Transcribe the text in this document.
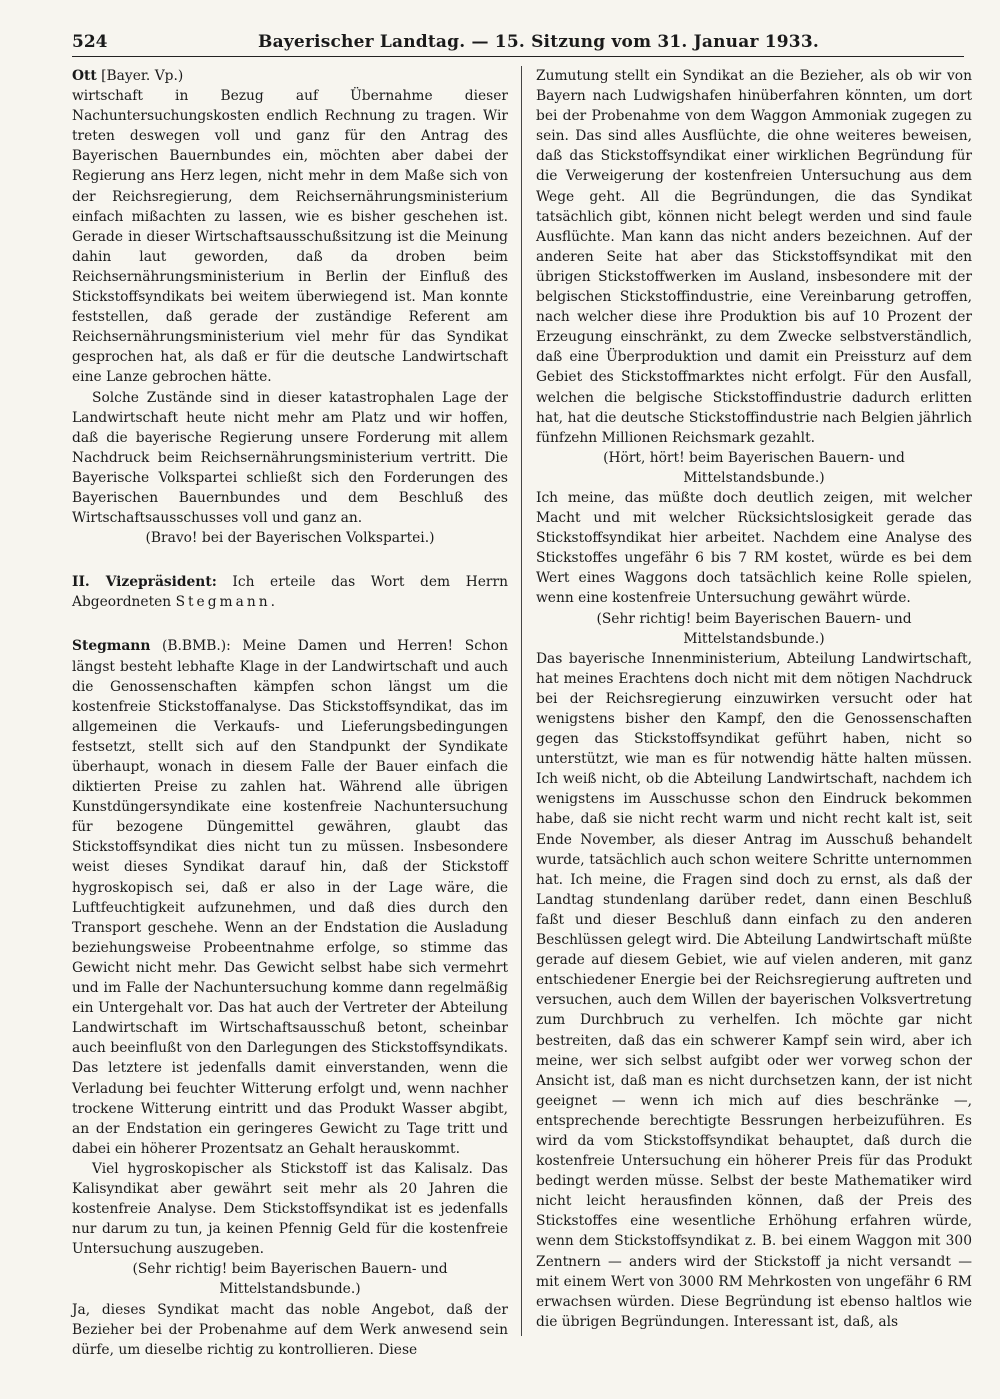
524	Bayerischer Landtag. — 15. Sitzung vom 31. Januar 1933.

Ott [Bayer. Vp.)

wirtschaft in Bezug auf Übernahme dieser Nachuntersuchungskosten endlich Rechnung zu tragen. Wir treten deswegen voll und ganz für den Antrag des Bayerischen Bauernbundes ein, möchten aber dabei der Regierung ans Herz legen, nicht mehr in dem Maße sich von der Reichsregierung, dem Reichsernährungsministerium einfach mißachten zu lassen, wie es bisher geschehen ist. Gerade in dieser Wirtschaftsausschußsitzung ist die Meinung dahin laut geworden, daß da droben beim Reichsernährungsministerium in Berlin der Einfluß des Stickstoffsyndikats bei weitem überwiegend ist. Man konnte feststellen, daß gerade der zuständige Referent am Reichsernährungsministerium viel mehr für das Syndikat gesprochen hat, als daß er für die deutsche Landwirtschaft eine Lanze gebrochen hätte.

Solche Zustände sind in dieser katastrophalen Lage der Landwirtschaft heute nicht mehr am Platz und wir hoffen, daß die bayerische Regierung unsere Forderung mit allem Nachdruck beim Reichsernährungsministerium vertritt. Die Bayerische Volkspartei schließt sich den Forderungen des Bayerischen Bauernbundes und dem Beschluß des Wirtschaftsausschusses voll und ganz an.

(Bravo! bei der Bayerischen Volkspartei.)

II. Vizepräsident: Ich erteile das Wort dem Herrn Abgeordneten Stegmann.

Stegmann (B.BMB.): Meine Damen und Herren! Schon längst besteht lebhafte Klage in der Landwirtschaft und auch die Genossenschaften kämpfen schon längst um die kostenfreie Stickstoffanalyse. Das Stickstoffsyndikat, das im allgemeinen die Verkaufs- und Lieferungsbedingungen festsetzt, stellt sich auf den Standpunkt der Syndikate überhaupt, wonach in diesem Falle der Bauer einfach die diktierten Preise zu zahlen hat. Während alle übrigen Kunstdüngersyndikate eine kostenfreie Nachuntersuchung für bezogene Düngemittel gewähren, glaubt das Stickstoffsyndikat dies nicht tun zu müssen. Insbesondere weist dieses Syndikat darauf hin, daß der Stickstoff hygroskopisch sei, daß er also in der Lage wäre, die Luftfeuchtigkeit aufzunehmen, und daß dies durch den Transport geschehe. Wenn an der Endstation die Ausladung beziehungsweise Probeentnahme erfolge, so stimme das Gewicht nicht mehr. Das Gewicht selbst habe sich vermehrt und im Falle der Nachuntersuchung komme dann regelmäßig ein Untergehalt vor. Das hat auch der Vertreter der Abteilung Landwirtschaft im Wirtschaftsausschuß betont, scheinbar auch beeinflußt von den Darlegungen des Stickstoffsyndikats. Das letztere ist jedenfalls damit einverstanden, wenn die Verladung bei feuchter Witterung erfolgt und, wenn nachher trockene Witterung eintritt und das Produkt Wasser abgibt, an der Endstation ein geringeres Gewicht zu Tage tritt und dabei ein höherer Prozentsatz an Gehalt herauskommt.

Viel hygroskopischer als Stickstoff ist das Kalisalz. Das Kalisyndikat aber gewährt seit mehr als 20 Jahren die kostenfreie Analyse. Dem Stickstoffsyndikat ist es jedenfalls nur darum zu tun, ja keinen Pfennig Geld für die kostenfreie Untersuchung auszugeben.

(Sehr richtig! beim Bayerischen Bauern- und Mittelstandsbunde.)

Ja, dieses Syndikat macht das noble Angebot, daß der Bezieher bei der Probenahme auf dem Werk anwesend sein dürfe, um dieselbe richtig zu kontrollieren. Diese

Zumutung stellt ein Syndikat an die Bezieher, als ob wir von Bayern nach Ludwigshafen hinüberfahren könnten, um dort bei der Probenahme von dem Waggon Ammoniak zugegen zu sein. Das sind alles Ausflüchte, die ohne weiteres beweisen, daß das Stickstoffsyndikat einer wirklichen Begründung für die Verweigerung der kostenfreien Untersuchung aus dem Wege geht. All die Begründungen, die das Syndikat tatsächlich gibt, können nicht belegt werden und sind faule Ausflüchte. Man kann das nicht anders bezeichnen. Auf der anderen Seite hat aber das Stickstoffsyndikat mit den übrigen Stickstoffwerken im Ausland, insbesondere mit der belgischen Stickstoffindustrie, eine Vereinbarung getroffen, nach welcher diese ihre Produktion bis auf 10 Prozent der Erzeugung einschränkt, zu dem Zwecke selbstverständlich, daß eine Überproduktion und damit ein Preissturz auf dem Gebiet des Stickstoffmarktes nicht erfolgt. Für den Ausfall, welchen die belgische Stickstoffindustrie dadurch erlitten hat, hat die deutsche Stickstoffindustrie nach Belgien jährlich fünfzehn Millionen Reichsmark gezahlt.

(Hört, hört! beim Bayerischen Bauern- und Mittelstandsbunde.)

Ich meine, das müßte doch deutlich zeigen, mit welcher Macht und mit welcher Rücksichtslosigkeit gerade das Stickstoffsyndikat hier arbeitet. Nachdem eine Analyse des Stickstoffes ungefähr 6 bis 7 RM kostet, würde es bei dem Wert eines Waggons doch tatsächlich keine Rolle spielen, wenn eine kostenfreie Untersuchung gewährt würde.

(Sehr richtig! beim Bayerischen Bauern- und Mittelstandsbunde.)

Das bayerische Innenministerium, Abteilung Landwirtschaft, hat meines Erachtens doch nicht mit dem nötigen Nachdruck bei der Reichsregierung einzuwirken versucht oder hat wenigstens bisher den Kampf, den die Genossenschaften gegen das Stickstoffsyndikat geführt haben, nicht so unterstützt, wie man es für notwendig hätte halten müssen. Ich weiß nicht, ob die Abteilung Landwirtschaft, nachdem ich wenigstens im Ausschusse schon den Eindruck bekommen habe, daß sie nicht recht warm und nicht recht kalt ist, seit Ende November, als dieser Antrag im Ausschuß behandelt wurde, tatsächlich auch schon weitere Schritte unternommen hat. Ich meine, die Fragen sind doch zu ernst, als daß der Landtag stundenlang darüber redet, dann einen Beschluß faßt und dieser Beschluß dann einfach zu den anderen Beschlüssen gelegt wird. Die Abteilung Landwirtschaft müßte gerade auf diesem Gebiet, wie auf vielen anderen, mit ganz entschiedener Energie bei der Reichsregierung auftreten und versuchen, auch dem Willen der bayerischen Volksvertretung zum Durchbruch zu verhelfen. Ich möchte gar nicht bestreiten, daß das ein schwerer Kampf sein wird, aber ich meine, wer sich selbst aufgibt oder wer vorweg schon der Ansicht ist, daß man es nicht durchsetzen kann, der ist nicht geeignet — wenn ich mich auf dies beschränke —, entsprechende berechtigte Bessrungen herbeizuführen. Es wird da vom Stickstoffsyndikat behauptet, daß durch die kostenfreie Untersuchung ein höherer Preis für das Produkt bedingt werden müsse. Selbst der beste Mathematiker wird nicht leicht herausfinden können, daß der Preis des Stickstoffes eine wesentliche Erhöhung erfahren würde, wenn dem Stickstoffsyndikat z. B. bei einem Waggon mit 300 Zentnern — anders wird der Stickstoff ja nicht versandt — mit einem Wert von 3000 RM Mehrkosten von ungefähr 6 RM erwachsen würden. Diese Begründung ist ebenso haltlos wie die übrigen Begründungen. Interessant ist, daß, als
